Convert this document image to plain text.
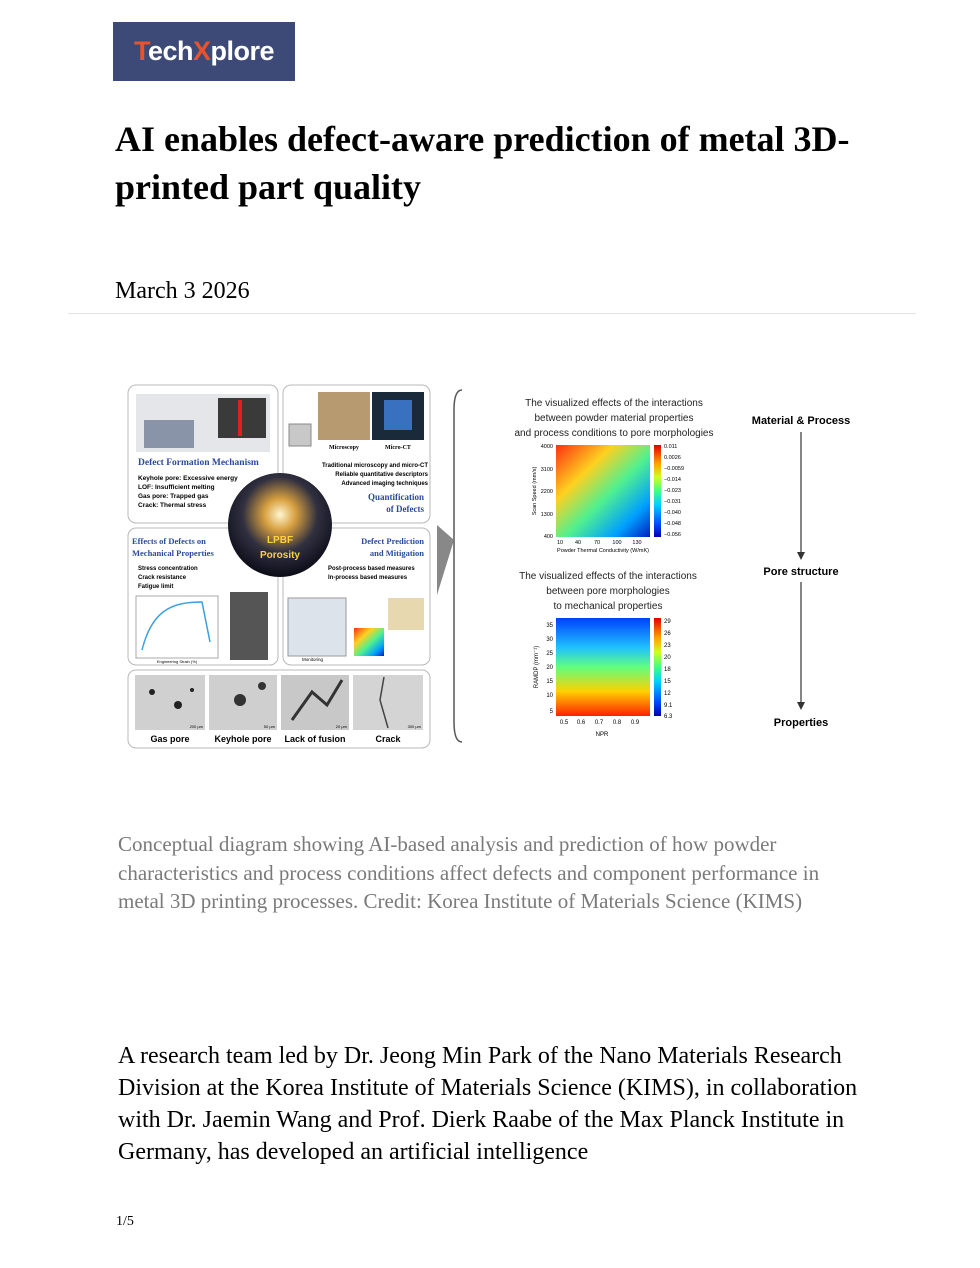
TechXplore
AI enables defect-aware prediction of metal 3D-printed part quality
March 3 2026
Defect Formation Mechanism
Keyhole pore: Excessive energy
LOF: Insufficient melting
Gas pore: Trapped gas
Crack: Thermal stress
Microscopy	Micro-CT
Traditional microscopy and micro-CT
Reliable quantitative descriptors
Advanced imaging techniques
Quantification
of Defects
Effects of Defects on
Mechanical Properties
Stress concentration
Crack resistance
Fatigue limit
Engineering Strain (%)
Defect Prediction
and Mitigation
Post-process based measures
In-process based measures
Monitoring
LPBF
Porosity
Gas pore	Keyhole pore Lack of fusion	Crack
200 μm	50 μm	20 μm	300 μm
The visualized effects of the interactions
between powder material properties
and process conditions to pore morphologies
4000
3100
2200
1300
400
10 40 70 100 130
Powder Thermal Conductivity (W/mK)
Scan Speed (mm/s)
0.011
0.0026
−0.0059
−0.014
−0.023
−0.031
−0.040
−0.048
−0.056
The visualized effects of the interactions
between pore morphologies
to mechanical properties
35
30
25
20
15
10
5
0.5 0.6 0.7 0.8 0.9
NPR
RAMDP (mm⁻¹)
29
26
23
20
18
15
12
9.1
6.3
Material & Process
Pore structure
Properties

Conceptual diagram showing AI-based analysis and prediction of how powder characteristics and process conditions affect defects and component performance in metal 3D printing processes. Credit: Korea Institute of Materials Science (KIMS)

A research team led by Dr. Jeong Min Park of the Nano Materials Research Division at the Korea Institute of Materials Science (KIMS), in collaboration with Dr. Jaemin Wang and Prof. Dierk Raabe of the Max Planck Institute in Germany, has developed an artificial intelligence

1/5
